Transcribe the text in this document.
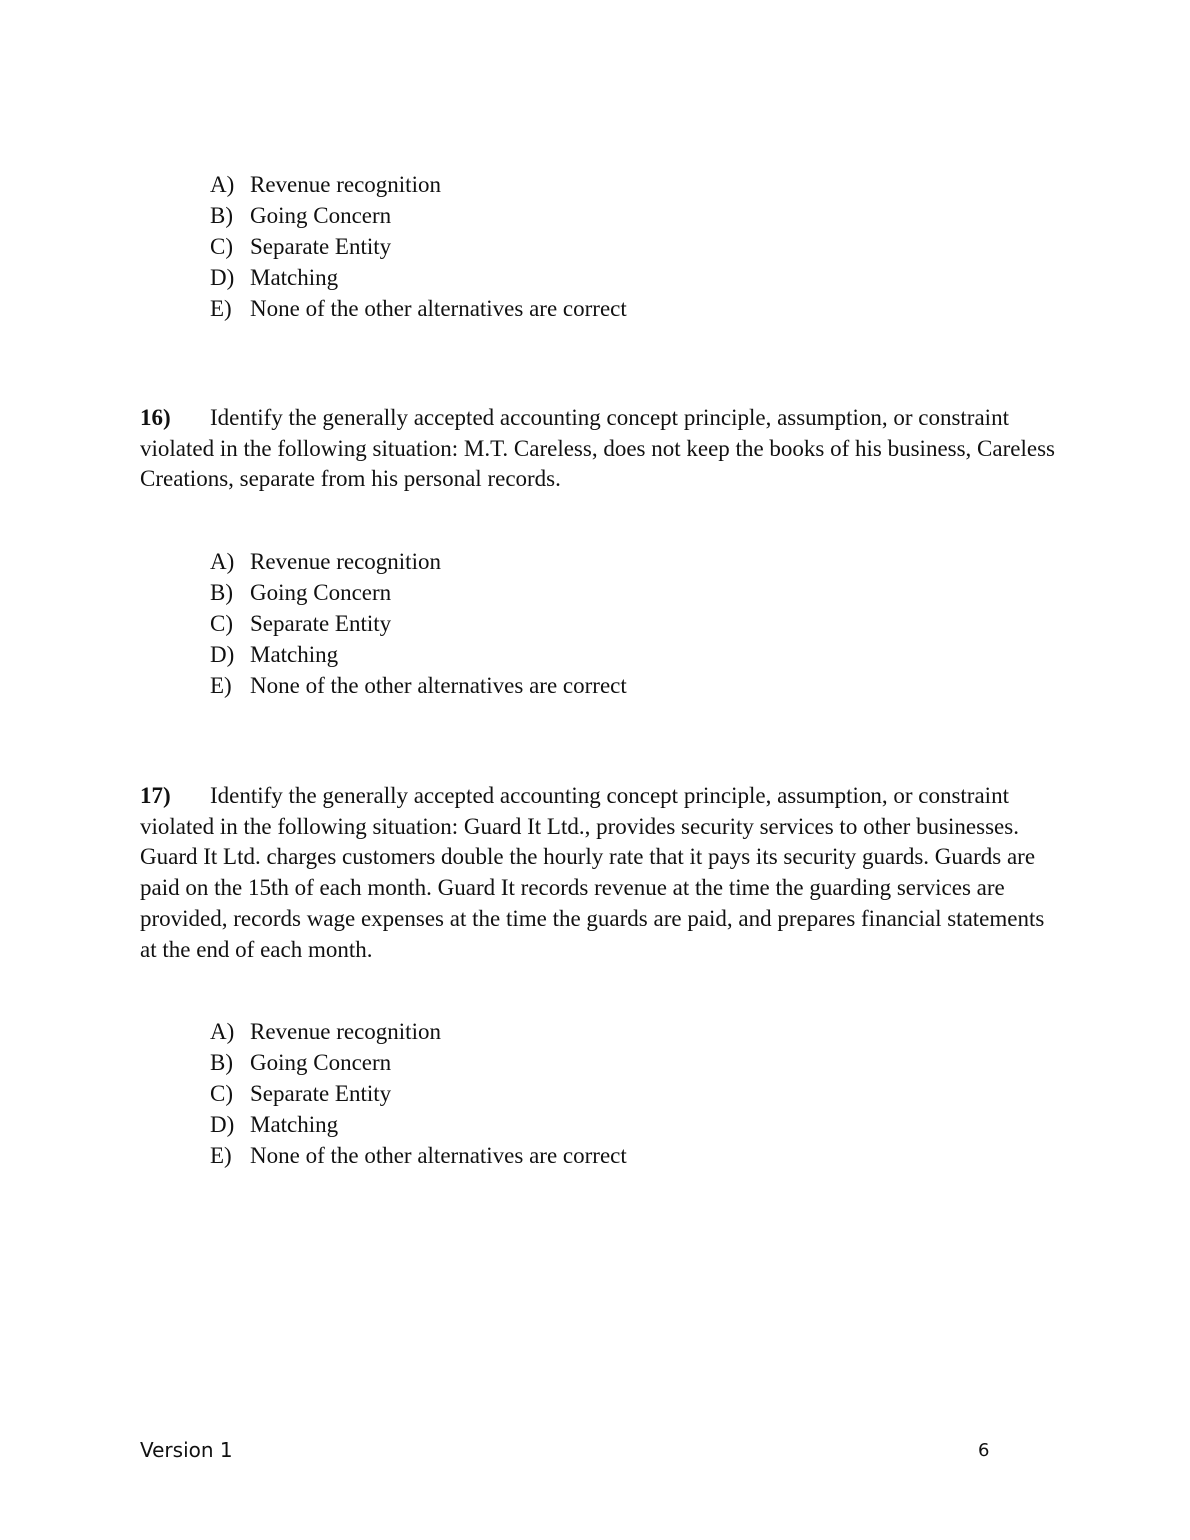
A) Revenue recognition
B) Going Concern
C) Separate Entity
D) Matching
E) None of the other alternatives are correct

16) Identify the generally accepted accounting concept principle, assumption, or constraint violated in the following situation: M.T. Careless, does not keep the books of his business, Careless Creations, separate from his personal records.

A) Revenue recognition
B) Going Concern
C) Separate Entity
D) Matching
E) None of the other alternatives are correct

17) Identify the generally accepted accounting concept principle, assumption, or constraint violated in the following situation: Guard It Ltd., provides security services to other businesses. Guard It Ltd. charges customers double the hourly rate that it pays its security guards. Guards are paid on the 15th of each month. Guard It records revenue at the time the guarding services are provided, records wage expenses at the time the guards are paid, and prepares financial statements at the end of each month.

A) Revenue recognition
B) Going Concern
C) Separate Entity
D) Matching
E) None of the other alternatives are correct
Version 1	6
